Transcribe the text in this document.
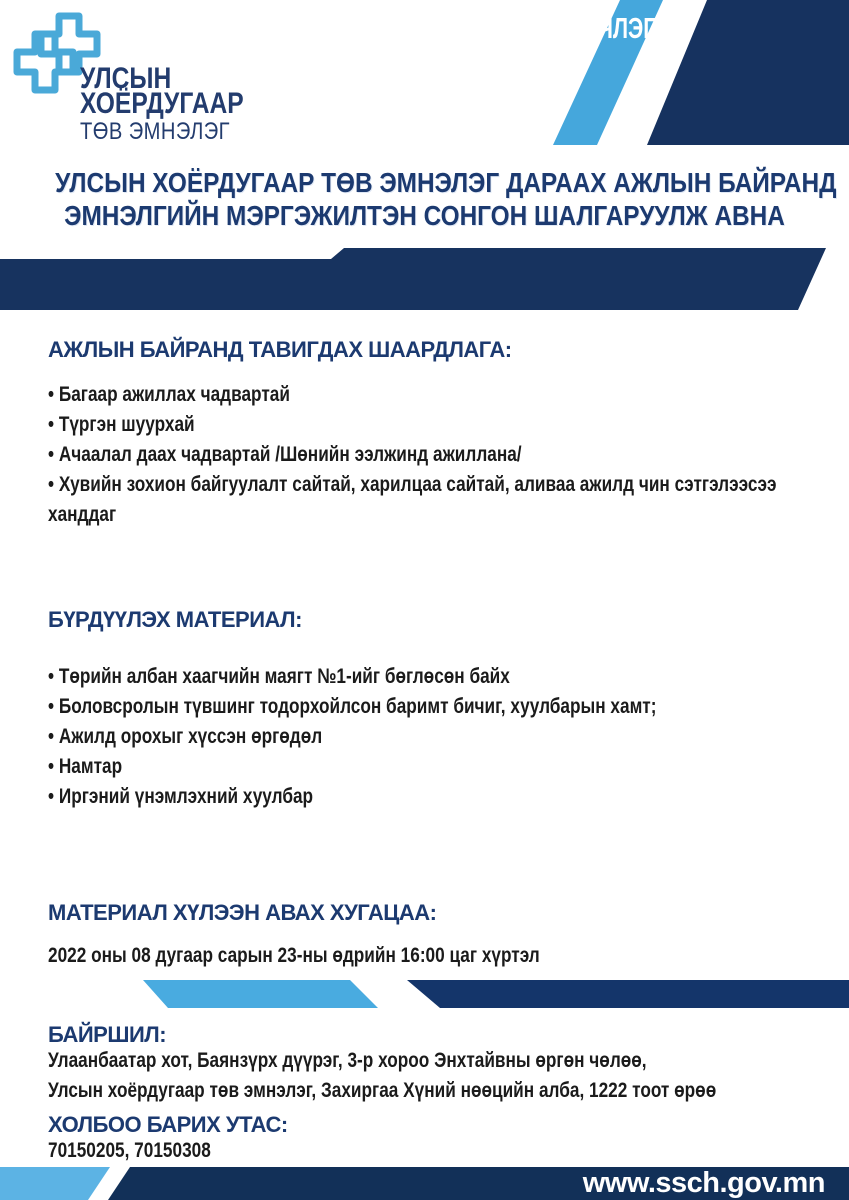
УЛСЫН
ХОЁРДУГААР
ТӨВ ЭМНЭЛЭГ
УЛСЫН ХОЁРДУГААР ТӨВ ЭМНЭЛЭГ ДАРААХ АЖЛЫН БАЙРАНД
ЭМНЭЛГИЙН МЭРГЭЖИЛТЭН СОНГОН ШАЛГАРУУЛЖ АВНА
ҮЙЛЧЛЭГЧ
АЖЛЫН БАЙРАНД ТАВИГДАХ ШААРДЛАГА:
• Багаар ажиллах чадвартай
• Түргэн шуурхай
• Ачаалал даах чадвартай /Шөнийн ээлжинд ажиллана/
• Хувийн зохион байгуулалт сайтай, харилцаа сайтай, аливаа ажилд чин сэтгэлээсээ ханддаг
БҮРДҮҮЛЭХ МАТЕРИАЛ:
• Төрийн албан хаагчийн маягт №1-ийг бөглөсөн байх
• Боловсролын түвшинг тодорхойлсон баримт бичиг, хуулбарын хамт;
• Ажилд орохыг хүссэн өргөдөл
• Намтар
• Иргэний үнэмлэхний хуулбар
МАТЕРИАЛ ХҮЛЭЭН АВАХ ХУГАЦАА:
2022 оны 08 дугаар сарын 23-ны өдрийн 16:00 цаг хүртэл
БАЙРШИЛ:
Улаанбаатар хот, Баянзүрх дүүрэг, 3-р хороо Энхтайвны өргөн чөлөө,
Улсын хоёрдугаар төв эмнэлэг, Захиргаа Хүний нөөцийн алба, 1222 тоот өрөө
ХОЛБОО БАРИХ УТАС:
70150205, 70150308
www.ssch.gov.mn
